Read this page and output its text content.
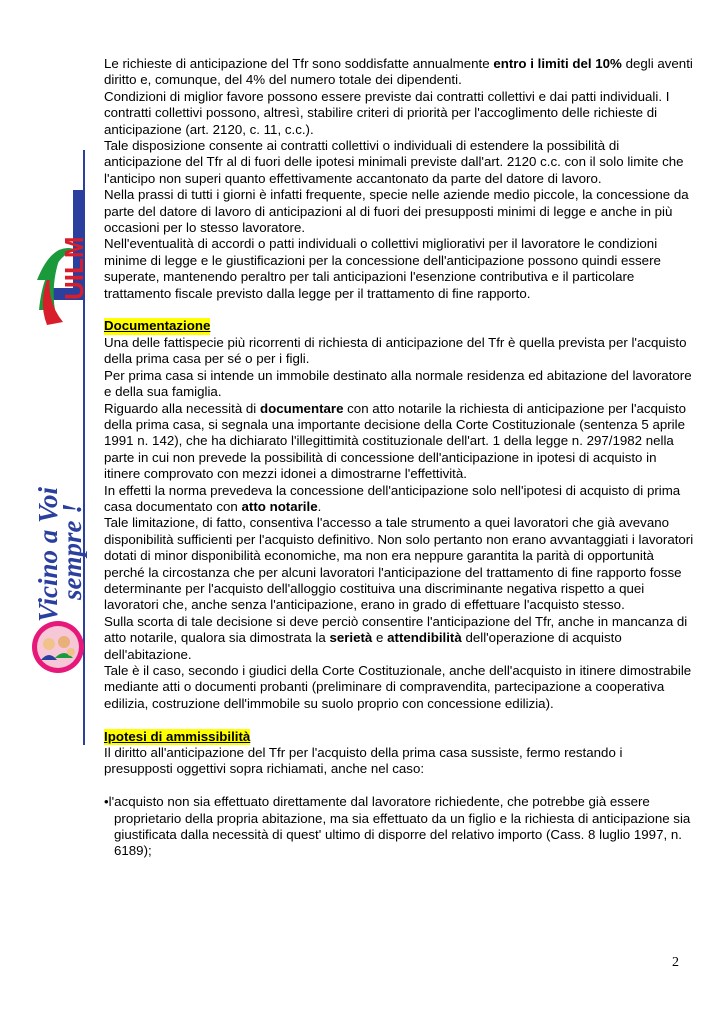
UILM
Vicino a Voi
sempre !

Le richieste di anticipazione del Tfr sono soddisfatte annualmente entro i limiti del 10% degli aventi diritto e, comunque, del 4% del numero totale dei dipendenti.

Condizioni di miglior favore possono essere previste dai contratti collettivi e dai patti individuali. I contratti collettivi possono, altresì, stabilire criteri di priorità per l'accoglimento delle richieste di anticipazione (art. 2120, c. 11, c.c.).

Tale disposizione consente ai contratti collettivi o individuali di estendere la possibilità di anticipazione del Tfr al di fuori delle ipotesi minimali previste dall'art. 2120 c.c. con il solo limite che l'anticipo non superi quanto effettivamente accantonato da parte del datore di lavoro.

Nella prassi di tutti i giorni è infatti frequente, specie nelle aziende medio piccole, la concessione da parte del datore di lavoro di anticipazioni al di fuori dei presupposti minimi di legge e anche in più occasioni per lo stesso lavoratore.

Nell'eventualità di accordi o patti individuali o collettivi migliorativi per il lavoratore le condizioni minime di legge e le giustificazioni per la concessione dell'anticipazione possono quindi essere superate, mantenendo peraltro per tali anticipazioni l'esenzione contributiva e il particolare trattamento fiscale previsto dalla legge per il trattamento di fine rapporto.

Documentazione

Una delle fattispecie più ricorrenti di richiesta di anticipazione del Tfr è quella prevista per l'acquisto della prima casa per sé o per i figli.

Per prima casa si intende un immobile destinato alla normale residenza ed abitazione del lavoratore e della sua famiglia.

Riguardo alla necessità di documentare con atto notarile la richiesta di anticipazione per l'acquisto della prima casa, si segnala una importante decisione della Corte Costituzionale (sentenza 5 aprile 1991 n. 142), che ha dichiarato l'illegittimità costituzionale dell'art. 1 della legge n. 297/1982 nella parte in cui non prevede la possibilità di concessione dell'anticipazione in ipotesi di acquisto in itinere comprovato con mezzi idonei a dimostrarne l'effettività.

In effetti la norma prevedeva la concessione dell'anticipazione solo nell'ipotesi di acquisto di prima casa documentato con atto notarile.

Tale limitazione, di fatto, consentiva l'accesso a tale strumento a quei lavoratori che già avevano disponibilità sufficienti per l'acquisto definitivo. Non solo pertanto non erano avvantaggiati i lavoratori dotati di minor disponibilità economiche, ma non era neppure garantita la parità di opportunità perché la circostanza che per alcuni lavoratori l'anticipazione del trattamento di fine rapporto fosse determinante per l'acquisto dell'alloggio costituiva una discriminante negativa rispetto a quei lavoratori che, anche senza l'anticipazione, erano in grado di effettuare l'acquisto stesso.

Sulla scorta di tale decisione si deve perciò consentire l'anticipazione del Tfr, anche in mancanza di atto notarile, qualora sia dimostrata la serietà e attendibilità dell'operazione di acquisto dell'abitazione.

Tale è il caso, secondo i giudici della Corte Costituzionale, anche dell'acquisto in itinere dimostrabile mediante atti o documenti probanti (preliminare di compravendita, partecipazione a cooperativa edilizia, costruzione dell'immobile su suolo proprio con concessione edilizia).

Ipotesi di ammissibilità

Il diritto all'anticipazione del Tfr per l'acquisto della prima casa sussiste, fermo restando i presupposti oggettivi sopra richiamati, anche nel caso:

•l'acquisto non sia effettuato direttamente dal lavoratore richiedente, che potrebbe già essere proprietario della propria abitazione, ma sia effettuato da un figlio e la richiesta di anticipazione sia giustificata dalla necessità di quest' ultimo di disporre del relativo importo (Cass. 8 luglio 1997, n. 6189);

2
